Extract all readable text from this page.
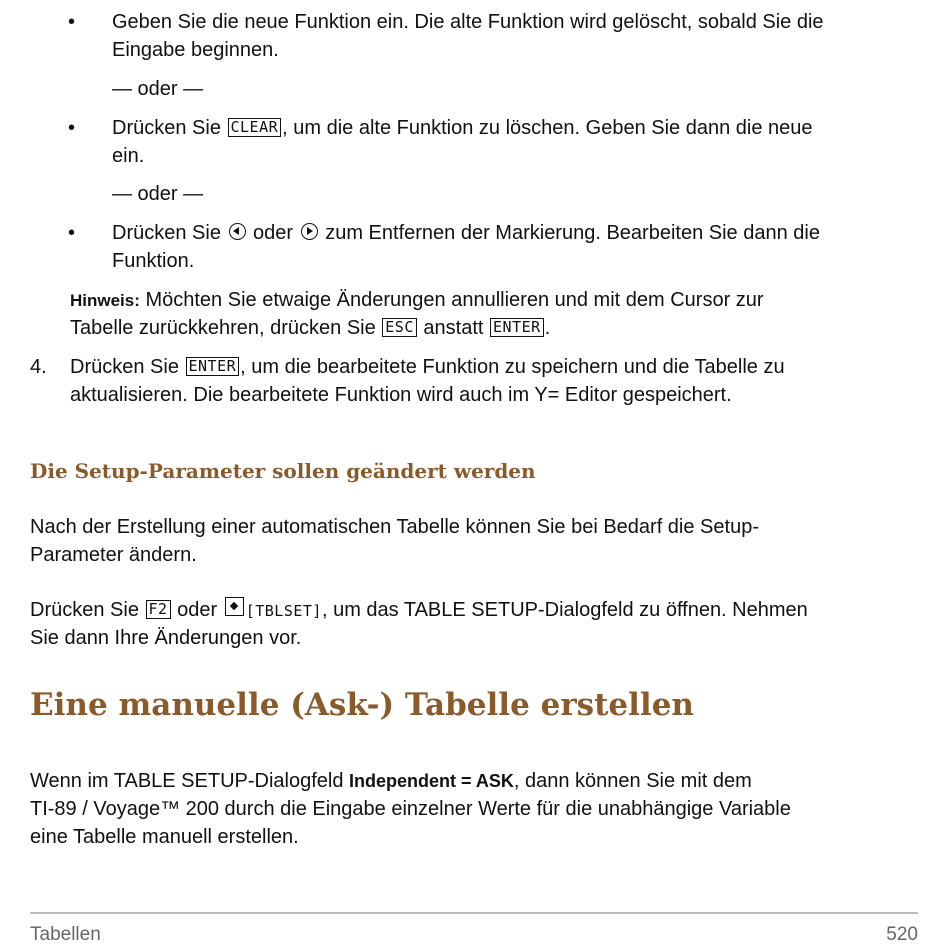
• Geben Sie die neue Funktion ein. Die alte Funktion wird gelöscht, sobald Sie die

Eingabe beginnen.

— oder —

• Drücken Sie CLEAR , um die alte Funktion zu löschen. Geben Sie dann die neue

ein.

— oder —

• Drücken Sie  oder  zum Entfernen der Markierung. Bearbeiten Sie dann die

Funktion.

Hinweis: Möchten Sie etwaige Änderungen annullieren und mit dem Cursor zur

Tabelle zurückkehren, drücken Sie ESC anstatt ENTER .

4. Drücken Sie ENTER , um die bearbeitete Funktion zu speichern und die Tabelle zu

aktualisieren. Die bearbeitete Funktion wird auch im Y= Editor gespeichert.

Die Setup-Parameter sollen geändert werden

Nach der Erstellung einer automatischen Tabelle können Sie bei Bedarf die Setup-

Parameter ändern.

Drücken Sie F2 oder [TBLSET], um das TABLE SETUP-Dialogfeld zu öffnen. Nehmen

Sie dann Ihre Änderungen vor.

Eine manuelle (Ask-) Tabelle erstellen

Wenn im TABLE SETUP-Dialogfeld Independent = ASK, dann können Sie mit dem

TI-89 / Voyage™ 200 durch die Eingabe einzelner Werte für die unabhängige Variable

eine Tabelle manuell erstellen.

Tabellen	520
